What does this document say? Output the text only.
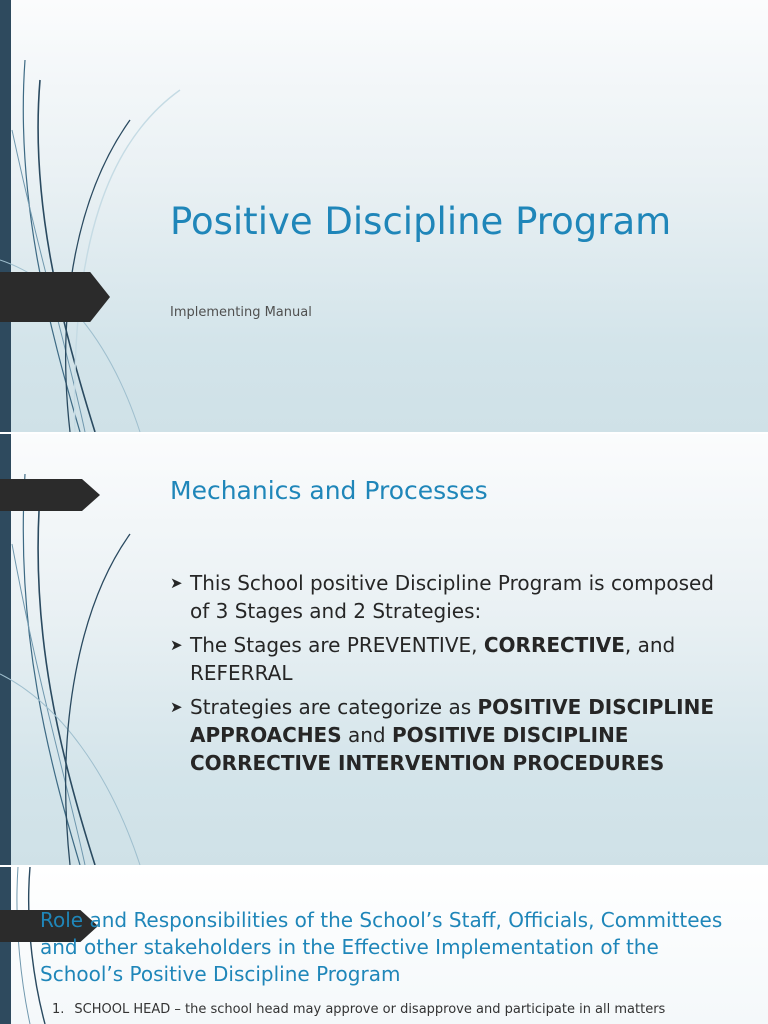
Positive Discipline Program
Implementing Manual
Mechanics and Processes
➤ This School positive Discipline Program is composed of 3 Stages and 2 Strategies:
➤ The Stages are PREVENTIVE, CORRECTIVE, and REFERRAL
➤ Strategies are categorize as POSITIVE DISCIPLINE APPROACHES and POSITIVE DISCIPLINE CORRECTIVE INTERVENTION PROCEDURES
Role and Responsibilities of the School’s Staff, Officials, Committees and other stakeholders in the Effective Implementation of the School’s Positive Discipline Program
1. SCHOOL HEAD – the school head may approve or disapprove and participate in all matters
